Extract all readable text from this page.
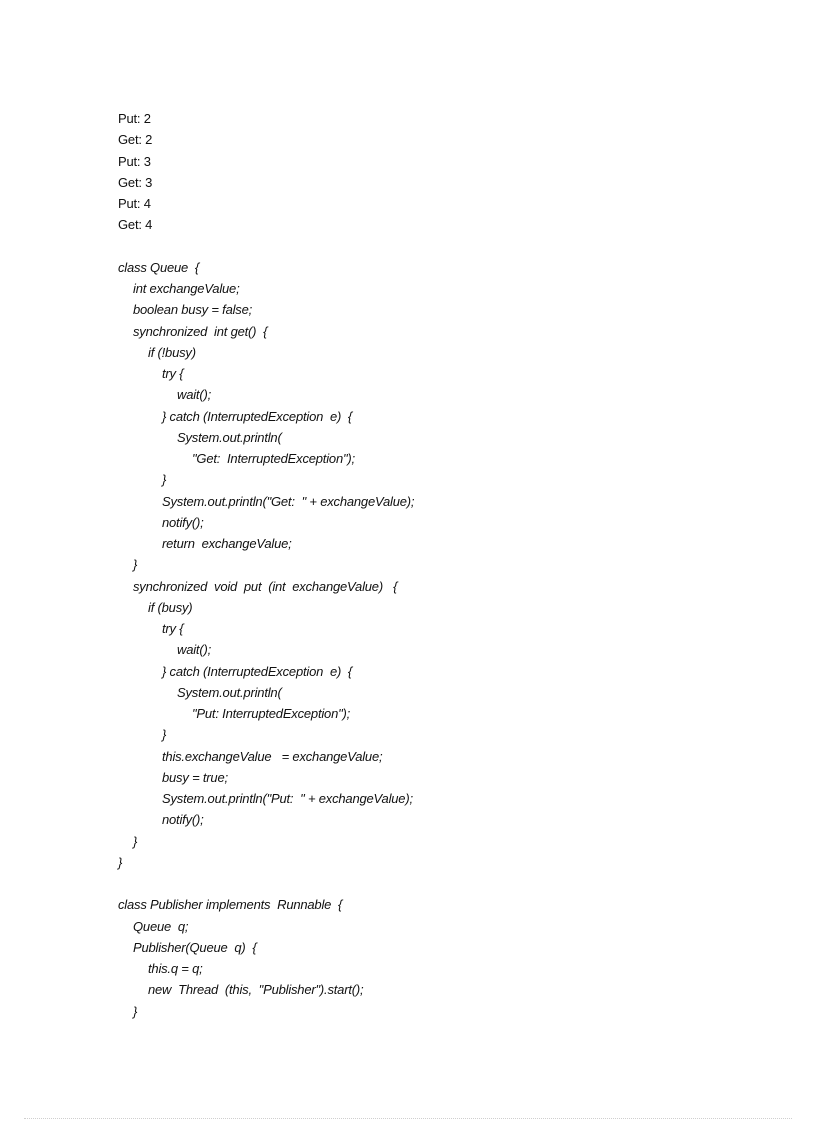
Put: 2
Get: 2
Put: 3
Get: 3
Put: 4
Get: 4
class Queue  {
int exchangeValue;
boolean busy = false;
synchronized  int get()  {
if (!busy)
try {
wait();
} catch (InterruptedException  e)  {
System.out.println(
"Get:  InterruptedException");
}
System.out.println("Get:  " + exchangeValue);
notify();
return  exchangeValue;
}
synchronized  void  put  (int  exchangeValue)   {
if (busy)
try {
wait();
} catch (InterruptedException  e)  {
System.out.println(
"Put: InterruptedException");
}
this.exchangeValue   = exchangeValue;
busy = true;
System.out.println("Put:  " + exchangeValue);
notify();
}
}
class Publisher implements  Runnable  {
Queue  q;
Publisher(Queue  q)  {
this.q = q;
new  Thread  (this,  "Publisher").start();
}
